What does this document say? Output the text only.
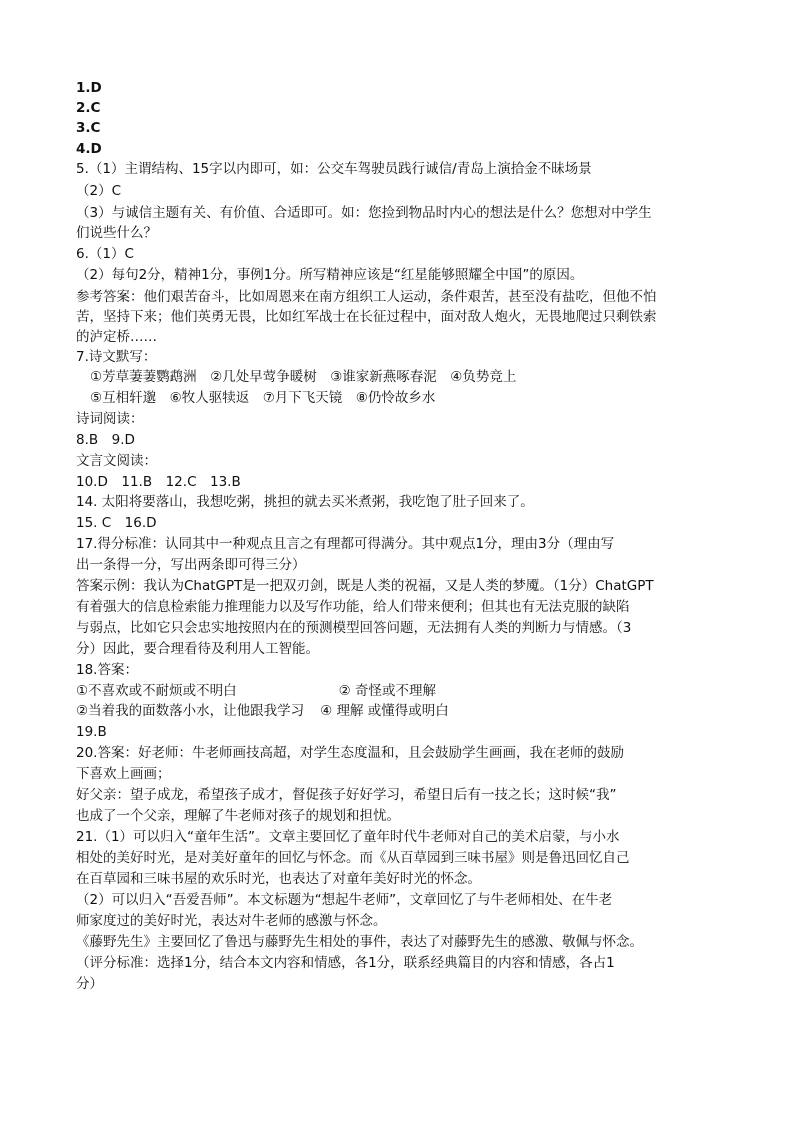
1.D
2.C
3.C
4.D
5.（1）主谓结构、15字以内即可，如：公交车驾驶员践行诚信/青岛上演拾金不昧场景
（2）C
（3）与诚信主题有关、有价值、合适即可。如：您捡到物品时内心的想法是什么？您想对中学生
们说些什么？
6.（1）C
（2）每句2分，精神1分，事例1分。所写精神应该是“红星能够照耀全中国”的原因。
参考答案：他们艰苦奋斗，比如周恩来在南方组织工人运动，条件艰苦，甚至没有盐吃，但他不怕
苦，坚持下来；他们英勇无畏，比如红军战士在长征过程中，面对敌人炮火，无畏地爬过只剩铁索
的泸定桥……
7.诗文默写：
①芳草萋萋鹦鹉洲　②几处早莺争暖树　③谁家新燕啄春泥　④负势竞上
⑤互相轩邈　⑥牧人驱犊返　⑦月下飞天镜　⑧仍怜故乡水
诗词阅读：
8.B　9.D
文言文阅读：
10.D　11.B　12.C　13.B
14. 太阳将要落山，我想吃粥，挑担的就去买米煮粥，我吃饱了肚子回来了。
15. C　16.D
17.得分标准：认同其中一种观点且言之有理都可得满分。其中观点1分，理由3分（理由写
出一条得一分，写出两条即可得三分）
答案示例：我认为ChatGPT是一把双刃剑，既是人类的祝福，又是人类的梦魇。（1分）ChatGPT
有着强大的信息检索能力推理能力以及写作功能，给人们带来便利；但其也有无法克服的缺陷
与弱点，比如它只会忠实地按照内在的预测模型回答问题，无法拥有人类的判断力与情感。（3
分）因此，要合理看待及利用人工智能。
18.答案：
①不喜欢或不耐烦或不明白	② 奇怪或不理解
②当着我的面数落小水，让他跟我学习 ④ 理解 或懂得或明白
19.B
20.答案：好老师：牛老师画技高超，对学生态度温和，且会鼓励学生画画，我在老师的鼓励
下喜欢上画画；
好父亲：望子成龙，希望孩子成才，督促孩子好好学习，希望日后有一技之长；这时候“我”
也成了一个父亲，理解了牛老师对孩子的规划和担忧。
21.（1）可以归入“童年生活”。文章主要回忆了童年时代牛老师对自己的美术启蒙，与小水
相处的美好时光，是对美好童年的回忆与怀念。而《从百草园到三味书屋》则是鲁迅回忆自己
在百草园和三味书屋的欢乐时光，也表达了对童年美好时光的怀念。
（2）可以归入“吾爱吾师”。本文标题为“想起牛老师”，文章回忆了与牛老师相处、在牛老
师家度过的美好时光，表达对牛老师的感激与怀念。
《藤野先生》主要回忆了鲁迅与藤野先生相处的事件，表达了对藤野先生的感激、敬佩与怀念。
（评分标准：选择1分，结合本文内容和情感，各1分，联系经典篇目的内容和情感，各占1
分）
